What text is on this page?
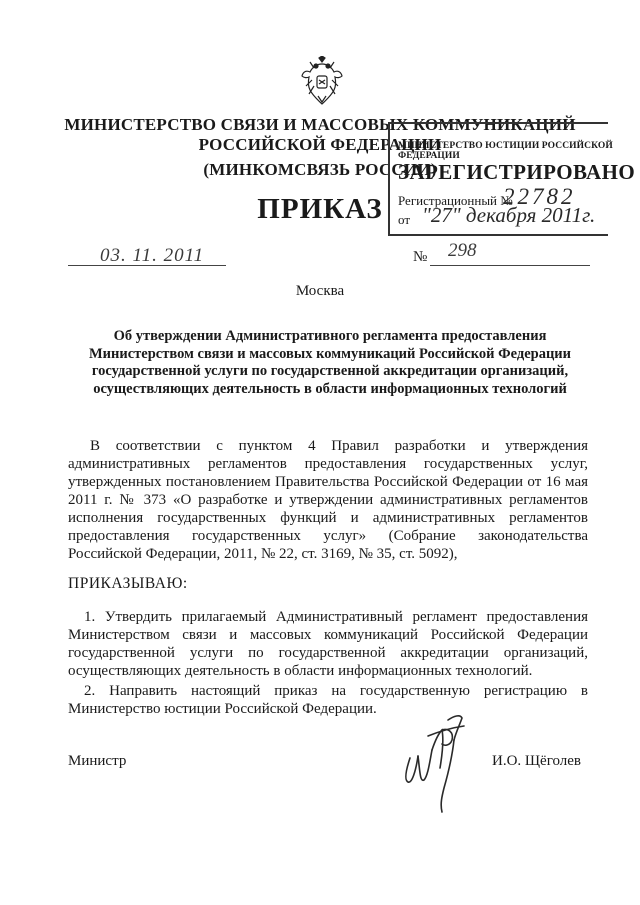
МИНИСТЕРСТВО СВЯЗИ И МАССОВЫХ КОММУНИКАЦИЙ
РОССИЙСКОЙ ФЕДЕРАЦИИ
(МИНКОМСВЯЗЬ РОССИИ)
ПРИКАЗ
МИНИСТЕРСТВО ЮСТИЦИИ РОССИЙСКОЙ ФЕДЕРАЦИИ
ЗАРЕГИСТРИРОВАНО
Регистрационный №
22782
от "27" декабря 2011г.
03. 11. 2011	№ 298
Москва
Об утверждении Административного регламента предоставления Министерством связи и массовых коммуникаций Российской Федерации государственной услуги по государственной аккредитации организаций, осуществляющих деятельность в области информационных технологий
В соответствии с пунктом 4 Правил разработки и утверждения административных регламентов предоставления государственных услуг, утвержденных постановлением Правительства Российской Федерации от 16 мая 2011 г. № 373 «О разработке и утверждении административных регламентов исполнения государственных функций и административных регламентов предоставления государственных услуг» (Собрание законодательства Российской Федерации, 2011, № 22, ст. 3169, № 35, ст. 5092),
ПРИКАЗЫВАЮ:
1. Утвердить прилагаемый Административный регламент предоставления Министерством связи и массовых коммуникаций Российской Федерации государственной услуги по государственной аккредитации организаций, осуществляющих деятельность в области информационных технологий.
2. Направить настоящий приказ на государственную регистрацию в Министерство юстиции Российской Федерации.
Министр	И.О. Щёголев
